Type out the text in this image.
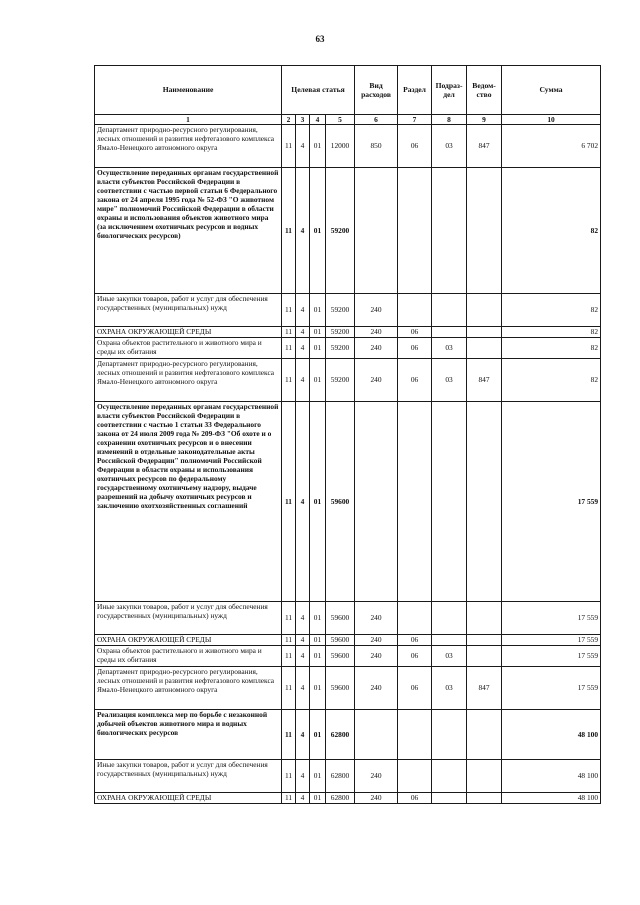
63
Наименование	Целевая статья				Вид расходов	Раздел	Подраз-дел	Ведом-ство	Сумма
1	2	3	4	5	6	7	8	9	10
Департамент природно-ресурсного регулирования, лесных отношений и развития нефтегазового комплекса Ямало-Ненецкого автономного округа	11	4	01	12000	850	06	03	847	6 702
Осуществление переданных органам государственной власти субъектов Российской Федерации в соответствии с частью первой статьи 6 Федерального закона от 24 апреля 1995 года № 52-ФЗ "О животном мире" полномочий Российской Федерации в области охраны и использования объектов животного мира (за исключением охотничьих ресурсов и водных биологических ресурсов)	11	4	01	59200					82
Иные закупки товаров, работ и услуг для обеспечения государственных (муниципальных) нужд	11	4	01	59200	240				82
ОХРАНА ОКРУЖАЮЩЕЙ СРЕДЫ	11	4	01	59200	240	06			82
Охрана объектов растительного и животного мира и среды их обитания	11	4	01	59200	240	06	03		82
Департамент природно-ресурсного регулирования, лесных отношений и развития нефтегазового комплекса Ямало-Ненецкого автономного округа	11	4	01	59200	240	06	03	847	82
Осуществление переданных органам государственной власти субъектов Российской Федерации в соответствии с частью 1 статьи 33 Федерального закона от 24 июля 2009 года № 209-ФЗ "Об охоте и о сохранении охотничьих ресурсов и о внесении изменений в отдельные законодательные акты Российской Федерации" полномочий Российской Федерации в области охраны и использования охотничьих ресурсов по федеральному государственному охотничьему надзору, выдаче разрешений на добычу охотничьих ресурсов и заключению охотхозяйственных соглашений	11	4	01	59600					17 559
Иные закупки товаров, работ и услуг для обеспечения государственных (муниципальных) нужд	11	4	01	59600	240				17 559
ОХРАНА ОКРУЖАЮЩЕЙ СРЕДЫ	11	4	01	59600	240	06			17 559
Охрана объектов растительного и животного мира и среды их обитания	11	4	01	59600	240	06	03		17 559
Департамент природно-ресурсного регулирования, лесных отношений и развития нефтегазового комплекса Ямало-Ненецкого автономного округа	11	4	01	59600	240	06	03	847	17 559
Реализация комплекса мер по борьбе с незаконной добычей объектов животного мира и водных биологических ресурсов	11	4	01	62800					48 100
Иные закупки товаров, работ и услуг для обеспечения государственных (муниципальных) нужд	11	4	01	62800	240				48 100
ОХРАНА ОКРУЖАЮЩЕЙ СРЕДЫ	11	4	01	62800	240	06			48 100
